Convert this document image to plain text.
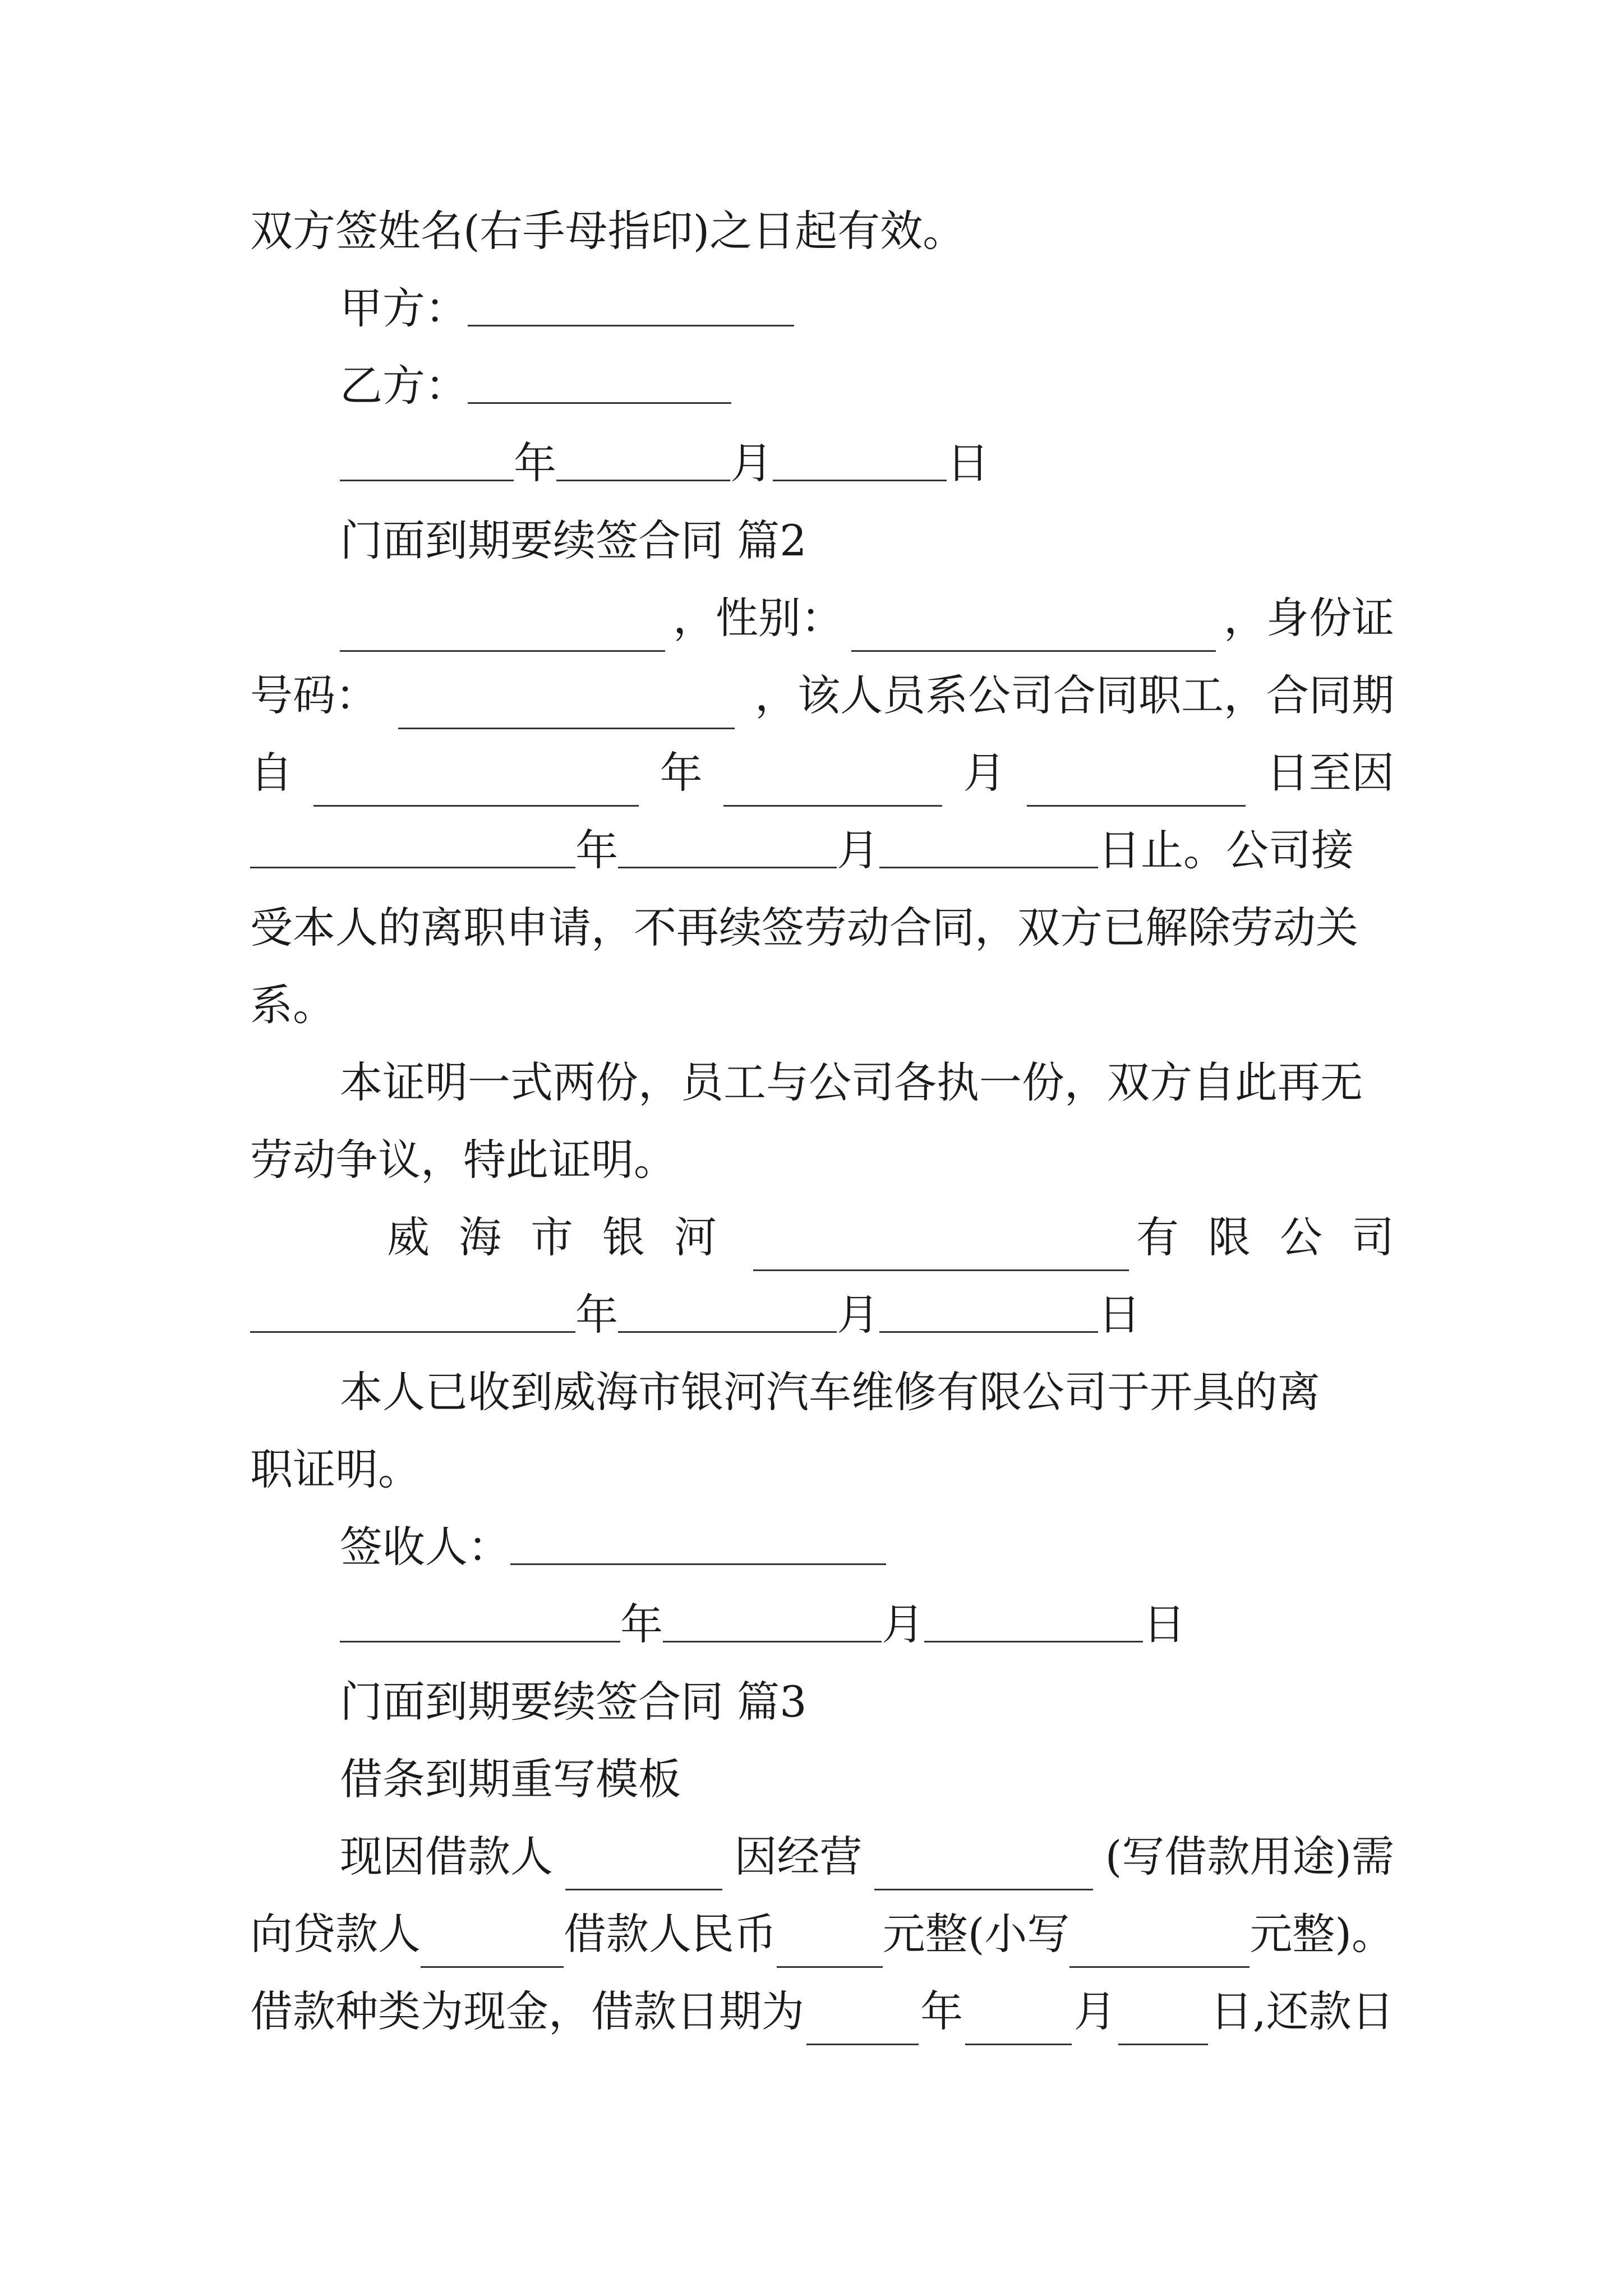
双方签姓名(右手母指印)之日起有效。
甲方：
乙方：
年	月	日
门面到期要续签合同 篇2
，性别：	，身份证
号码：	，该人员系公司合同职工，合同期
自	年	月	日至因
年	月	日止。公司接
受本人的离职申请，不再续签劳动合同，双方已解除劳动关
系。
本证明一式两份，员工与公司各执一份，双方自此再无
劳动争议，特此证明。
威海市银河	有限公司
年	月	日
本人已收到威海市银河汽车维修有限公司于开具的离
职证明。
签收人：
年	月	日
门面到期要续签合同 篇3
借条到期重写模板
现因借款人	因经营	(写借款用途)需
向贷款人	借款人民币 元整(小写	元整)。
借款种类为现金，借款日期为	年	月 日,还款日
